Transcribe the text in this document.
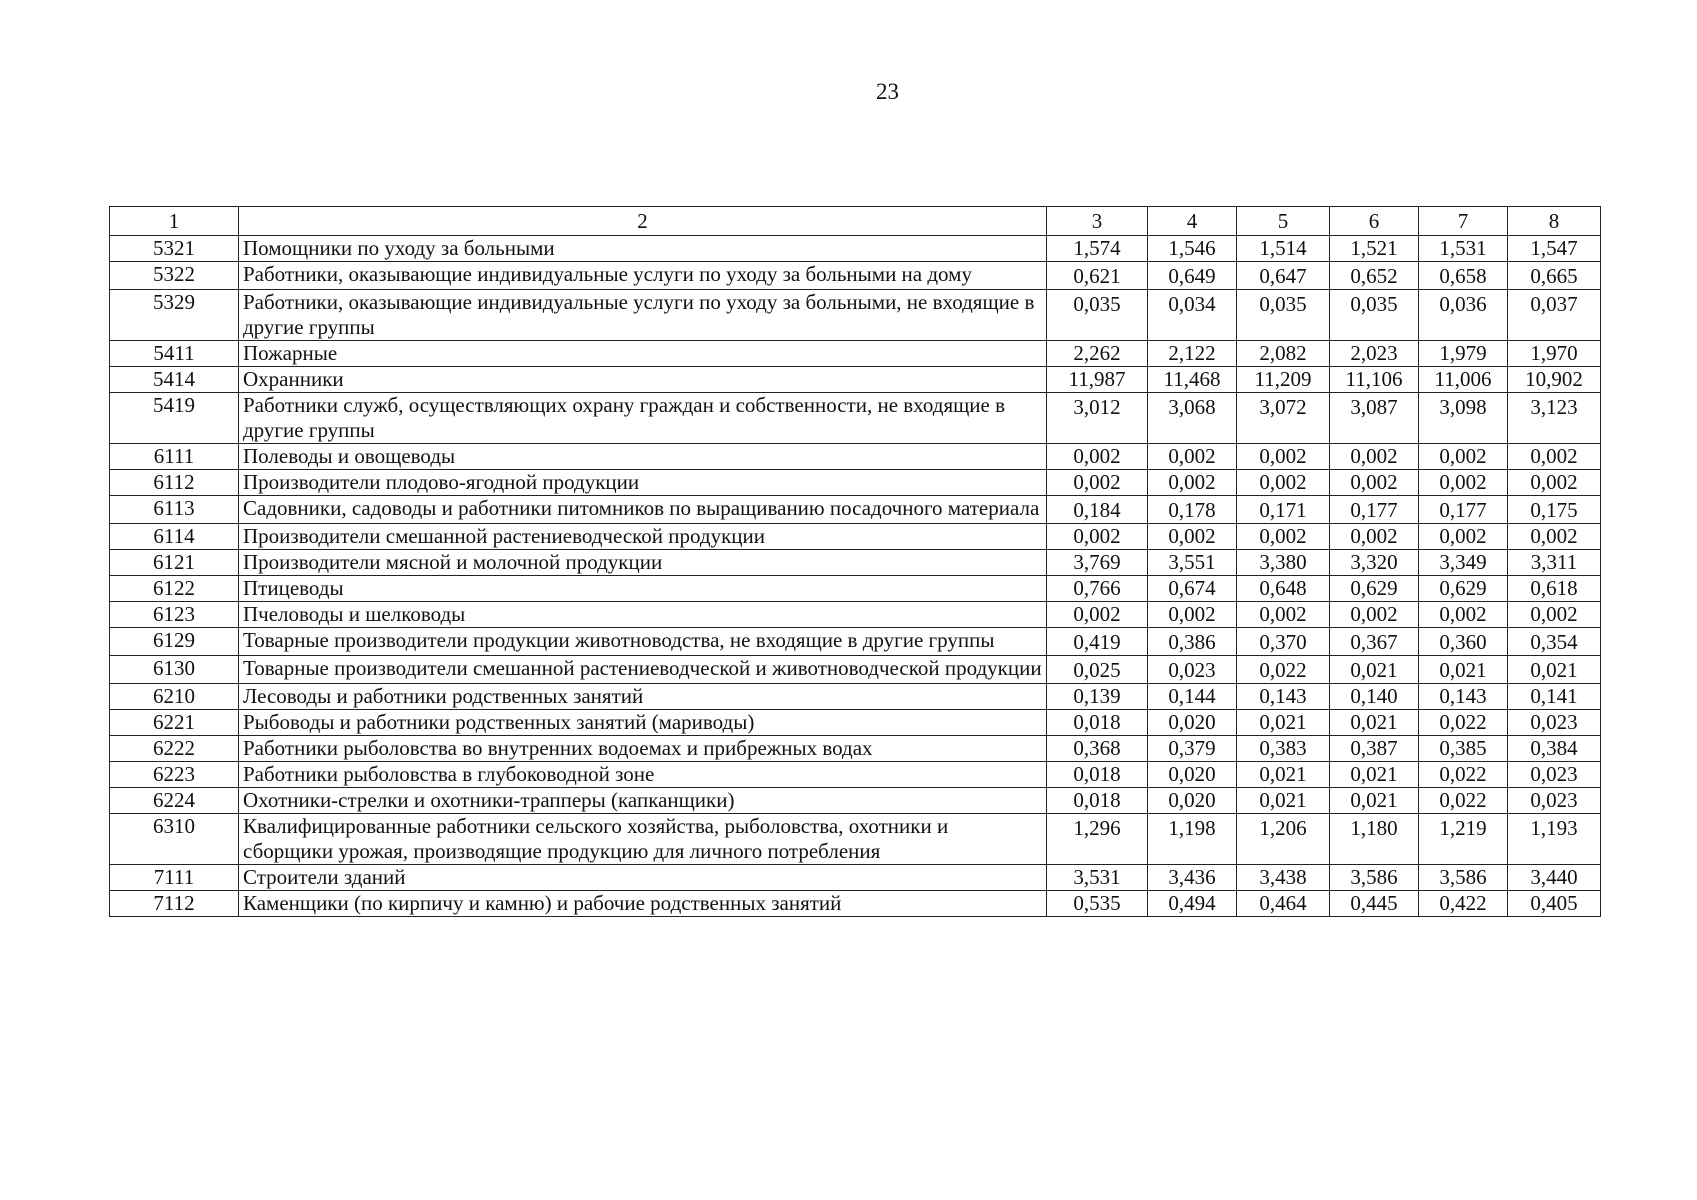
23
1	2	3	4	5	6	7	8
5321	Помощники по уходу за больными	1,574	1,546	1,514	1,521	1,531	1,547
5322	Работники, оказывающие индивидуальные услуги по уходу за больными на дому	0,621	0,649	0,647	0,652	0,658	0,665
5329	Работники, оказывающие индивидуальные услуги по уходу за больными, не входящие в другие группы	0,035	0,034	0,035	0,035	0,036	0,037
5411	Пожарные	2,262	2,122	2,082	2,023	1,979	1,970
5414	Охранники	11,987	11,468	11,209	11,106	11,006	10,902
5419	Работники служб, осуществляющих охрану граждан и собственности, не входящие в другие группы	3,012	3,068	3,072	3,087	3,098	3,123
6111	Полеводы и овощеводы	0,002	0,002	0,002	0,002	0,002	0,002
6112	Производители плодово-ягодной продукции	0,002	0,002	0,002	0,002	0,002	0,002
6113	Садовники, садоводы и работники питомников по выращиванию посадочного материала	0,184	0,178	0,171	0,177	0,177	0,175
6114	Производители смешанной растениеводческой продукции	0,002	0,002	0,002	0,002	0,002	0,002
6121	Производители мясной и молочной продукции	3,769	3,551	3,380	3,320	3,349	3,311
6122	Птицеводы	0,766	0,674	0,648	0,629	0,629	0,618
6123	Пчеловоды и шелководы	0,002	0,002	0,002	0,002	0,002	0,002
6129	Товарные производители продукции животноводства, не входящие в другие группы	0,419	0,386	0,370	0,367	0,360	0,354
6130	Товарные производители смешанной растениеводческой и животноводческой продукции	0,025	0,023	0,022	0,021	0,021	0,021
6210	Лесоводы и работники родственных занятий	0,139	0,144	0,143	0,140	0,143	0,141
6221	Рыбоводы и работники родственных занятий (мариводы)	0,018	0,020	0,021	0,021	0,022	0,023
6222	Работники рыболовства во внутренних водоемах и прибрежных водах	0,368	0,379	0,383	0,387	0,385	0,384
6223	Работники рыболовства в глубоководной зоне	0,018	0,020	0,021	0,021	0,022	0,023
6224	Охотники-стрелки и охотники-трапперы (капканщики)	0,018	0,020	0,021	0,021	0,022	0,023
6310	Квалифицированные работники сельского хозяйства, рыболовства, охотники и сборщики урожая, производящие продукцию для личного потребления	1,296	1,198	1,206	1,180	1,219	1,193
7111	Строители зданий	3,531	3,436	3,438	3,586	3,586	3,440
7112	Каменщики (по кирпичу и камню) и рабочие родственных занятий	0,535	0,494	0,464	0,445	0,422	0,405
